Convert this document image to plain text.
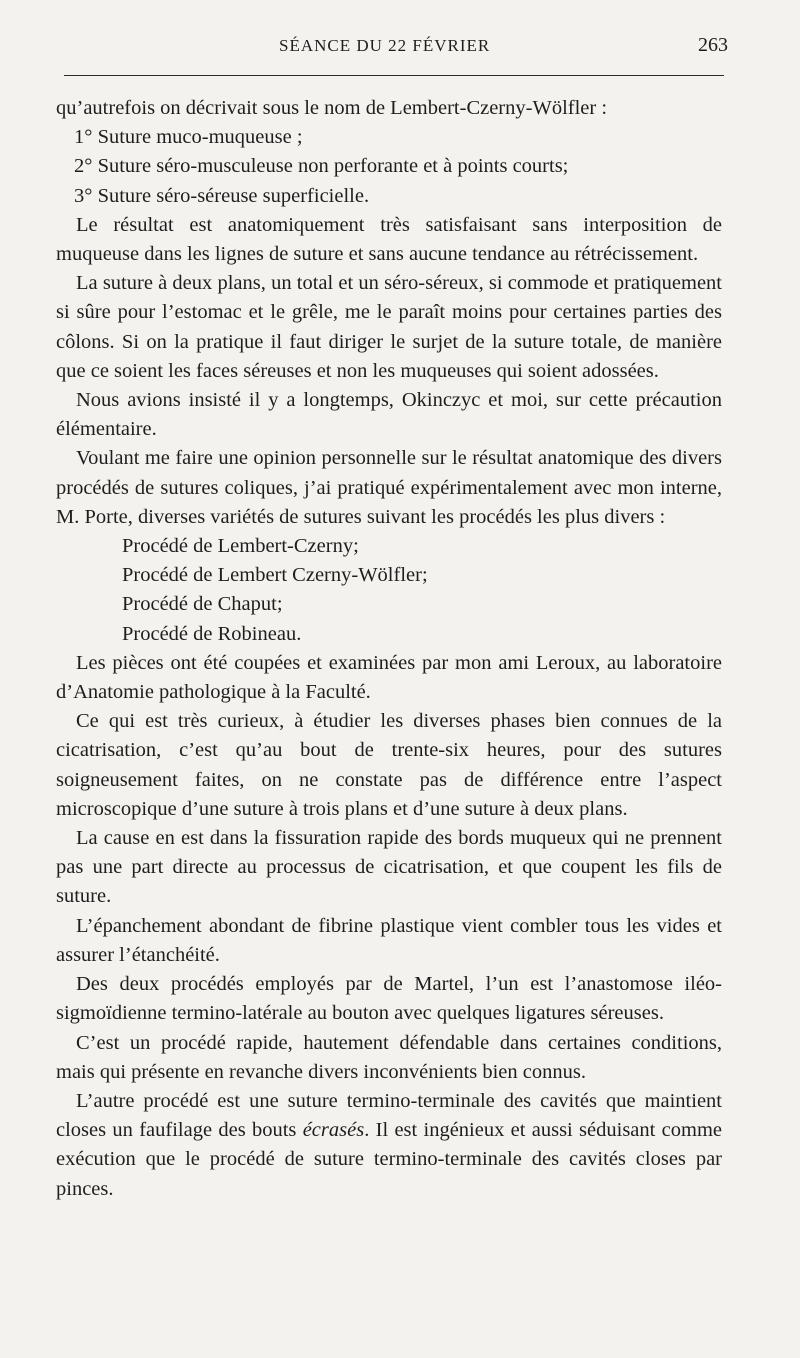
SÉANCE DU 22 FÉVRIER	263

qu’autrefois on décrivait sous le nom de Lembert-Czerny-Wölfler :

1° Suture muco-muqueuse ;

2° Suture séro-musculeuse non perforante et à points courts;

3° Suture séro-séreuse superficielle.

Le résultat est anatomiquement très satisfaisant sans interposition de muqueuse dans les lignes de suture et sans aucune tendance au rétrécissement.

La suture à deux plans, un total et un séro-séreux, si commode et pratiquement si sûre pour l’estomac et le grêle, me le paraît moins pour certaines parties des côlons. Si on la pratique il faut diriger le surjet de la suture totale, de manière que ce soient les faces séreuses et non les muqueuses qui soient adossées.

Nous avions insisté il y a longtemps, Okinczyc et moi, sur cette précaution élémentaire.

Voulant me faire une opinion personnelle sur le résultat anatomique des divers procédés de sutures coliques, j’ai pratiqué expérimentalement avec mon interne, M. Porte, diverses variétés de sutures suivant les procédés les plus divers :

Procédé de Lembert-Czerny;

Procédé de Lembert Czerny-Wölfler;

Procédé de Chaput;

Procédé de Robineau.

Les pièces ont été coupées et examinées par mon ami Leroux, au laboratoire d’Anatomie pathologique à la Faculté.

Ce qui est très curieux, à étudier les diverses phases bien connues de la cicatrisation, c’est qu’au bout de trente-six heures, pour des sutures soigneusement faites, on ne constate pas de différence entre l’aspect microscopique d’une suture à trois plans et d’une suture à deux plans.

La cause en est dans la fissuration rapide des bords muqueux qui ne prennent pas une part directe au processus de cicatrisation, et que coupent les fils de suture.

L’épanchement abondant de fibrine plastique vient combler tous les vides et assurer l’étanchéité.

Des deux procédés employés par de Martel, l’un est l’anastomose iléo-sigmoïdienne termino-latérale au bouton avec quelques ligatures séreuses.

C’est un procédé rapide, hautement défendable dans certaines conditions, mais qui présente en revanche divers inconvénients bien connus.

L’autre procédé est une suture termino-terminale des cavités que maintient closes un faufilage des bouts écrasés. Il est ingénieux et aussi séduisant comme exécution que le procédé de suture termino-terminale des cavités closes par pinces.
